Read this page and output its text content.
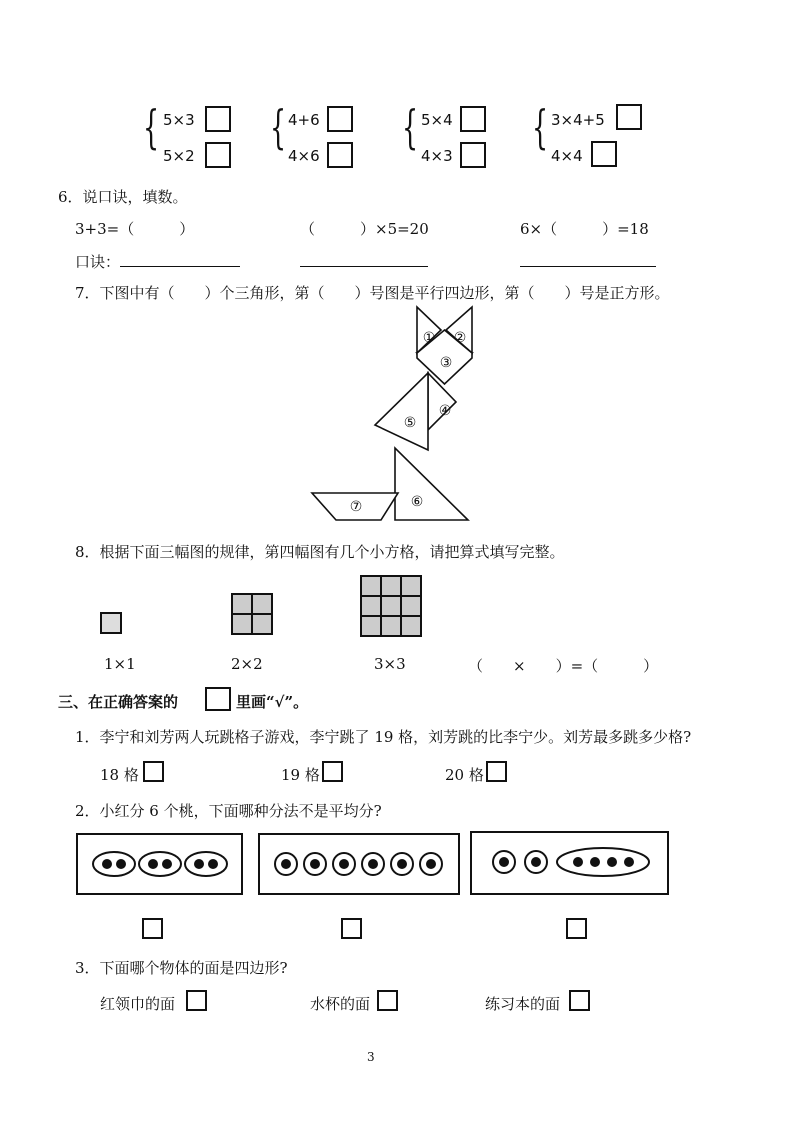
{ 5×3
5×2
{ 4+6
4×6
{ 5×4
4×3
{ 3×4+5
4×4
6．说口诀，填数。
3+3=（　　　）	（　　　）×5=20	6×（　　　）=18
口诀：
7．下图中有（　　）个三角形，第（　　）号图是平行四边形，第（　　）号是正方形。
① ②
③
④
⑤
⑥
⑦
8．根据下面三幅图的规律，第四幅图有几个小方格，请把算式填写完整。
1×1	2×2	3×3	（　　×　　）=（　　　）
三、在正确答案的	里画“√”。
1．李宁和刘芳两人玩跳格子游戏，李宁跳了 19 格，刘芳跳的比李宁少。刘芳最多跳多少格?
18 格	19 格	20 格
2．小红分 6 个桃，下面哪种分法不是平均分?
3．下面哪个物体的面是四边形?
红领巾的面	水杯的面	练习本的面
3
